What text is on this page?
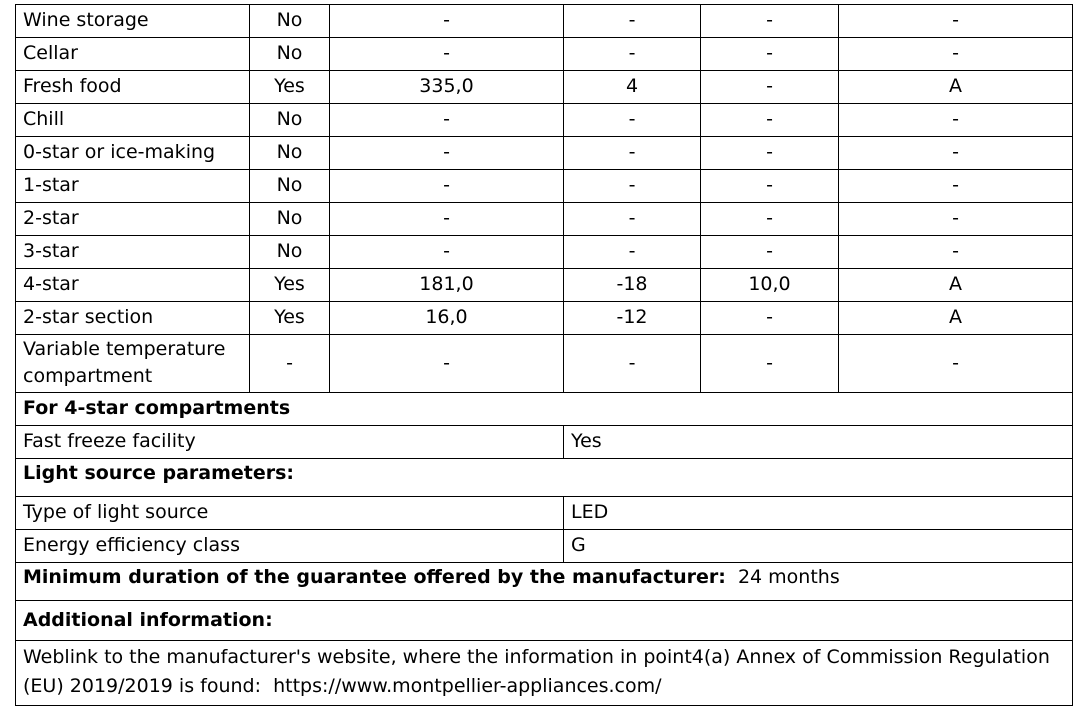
Wine storage	No	-	-	-	-
Cellar	No	-	-	-	-
Fresh food	Yes	335,0	4	-	A
Chill	No	-	-	-	-
0-star or ice-making	No	-	-	-	-
1-star	No	-	-	-	-
2-star	No	-	-	-	-
3-star	No	-	-	-	-
4-star	Yes	181,0	-18	10,0	A
2-star section	Yes	16,0	-12	-	A
Variable temperature compartment	-	-	-	-	-
For 4-star compartments					
Fast freeze facility			Yes		
Light source parameters:					
Type of light source			LED		
Energy efficiency class			G		
Minimum duration of the guarantee offered by the manufacturer: 24 months					
Additional information:					
Weblink to the manufacturer's website, where the information in point4(a) Annex of Commission Regulation (EU) 2019/2019 is found: https://www.montpellier-appliances.com/					
